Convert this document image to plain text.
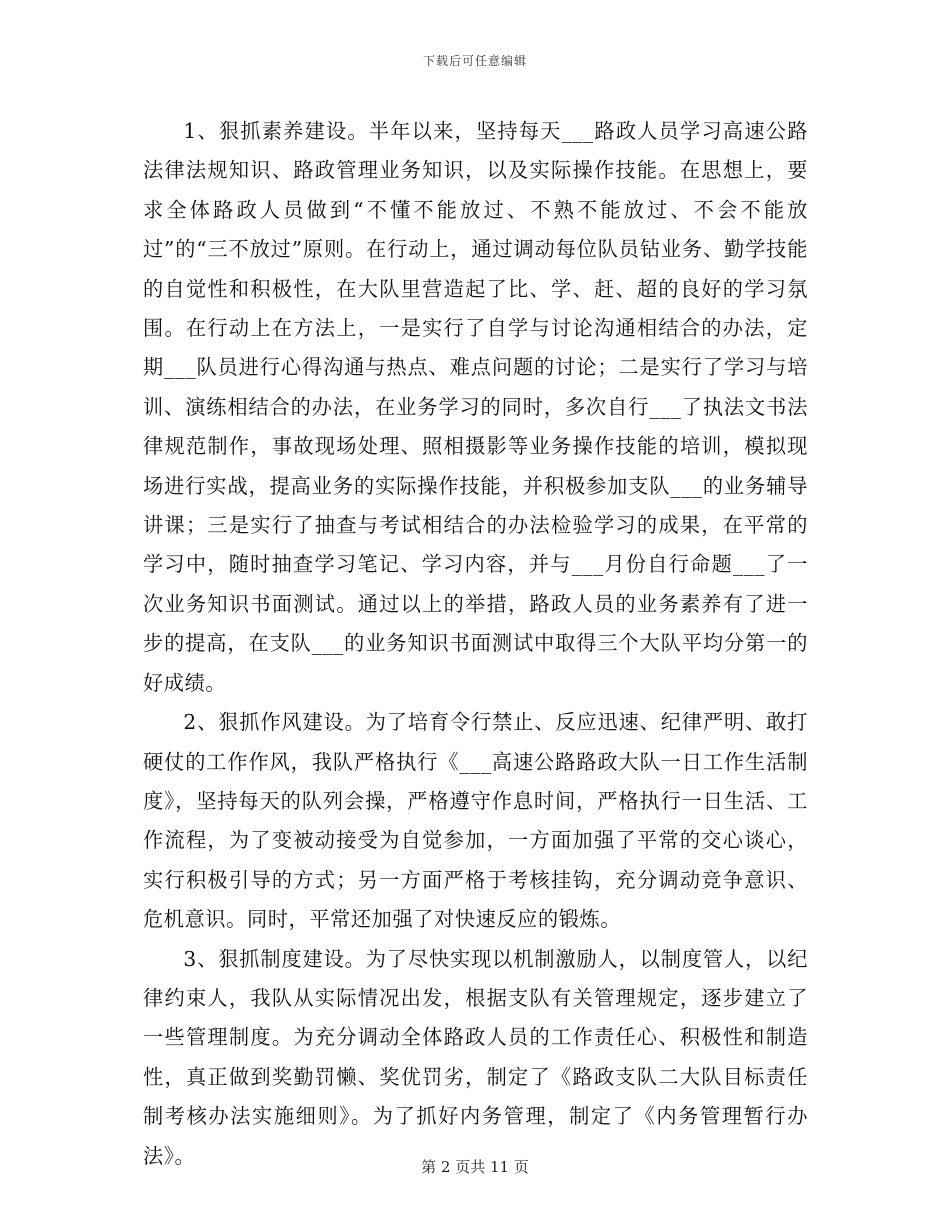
下载后可任意编辑

1、狠抓素养建设。半年以来，坚持每天___路政人员学习高速公路法律法规知识、路政管理业务知识，以及实际操作技能。在思想上，要求全体路政人员做到“不懂不能放过、不熟不能放过、不会不能放过”的“三不放过”原则。在行动上，通过调动每位队员钻业务、勤学技能的自觉性和积极性，在大队里营造起了比、学、赶、超的良好的学习氛围。在行动上在方法上，一是实行了自学与讨论沟通相结合的办法，定期___队员进行心得沟通与热点、难点问题的讨论；二是实行了学习与培训、演练相结合的办法，在业务学习的同时，多次自行___了执法文书法律规范制作，事故现场处理、照相摄影等业务操作技能的培训，模拟现场进行实战，提高业务的实际操作技能，并积极参加支队___的业务辅导讲课；三是实行了抽查与考试相结合的办法检验学习的成果，在平常的学习中，随时抽查学习笔记、学习内容，并与___月份自行命题___了一次业务知识书面测试。通过以上的举措，路政人员的业务素养有了进一步的提高，在支队___的业务知识书面测试中取得三个大队平均分第一的好成绩。

2、狠抓作风建设。为了培育令行禁止、反应迅速、纪律严明、敢打硬仗的工作作风，我队严格执行《___高速公路路政大队一日工作生活制度》，坚持每天的队列会操，严格遵守作息时间，严格执行一日生活、工作流程，为了变被动接受为自觉参加，一方面加强了平常的交心谈心，实行积极引导的方式；另一方面严格于考核挂钩，充分调动竞争意识、危机意识。同时，平常还加强了对快速反应的锻炼。

3、狠抓制度建设。为了尽快实现以机制激励人，以制度管人，以纪律约束人，我队从实际情况出发，根据支队有关管理规定，逐步建立了一些管理制度。为充分调动全体路政人员的工作责任心、积极性和制造性，真正做到奖勤罚懒、奖优罚劣，制定了《路政支队二大队目标责任制考核办法实施细则》。为了抓好内务管理，制定了《内务管理暂行办法》。	第 2 页共 11 页
